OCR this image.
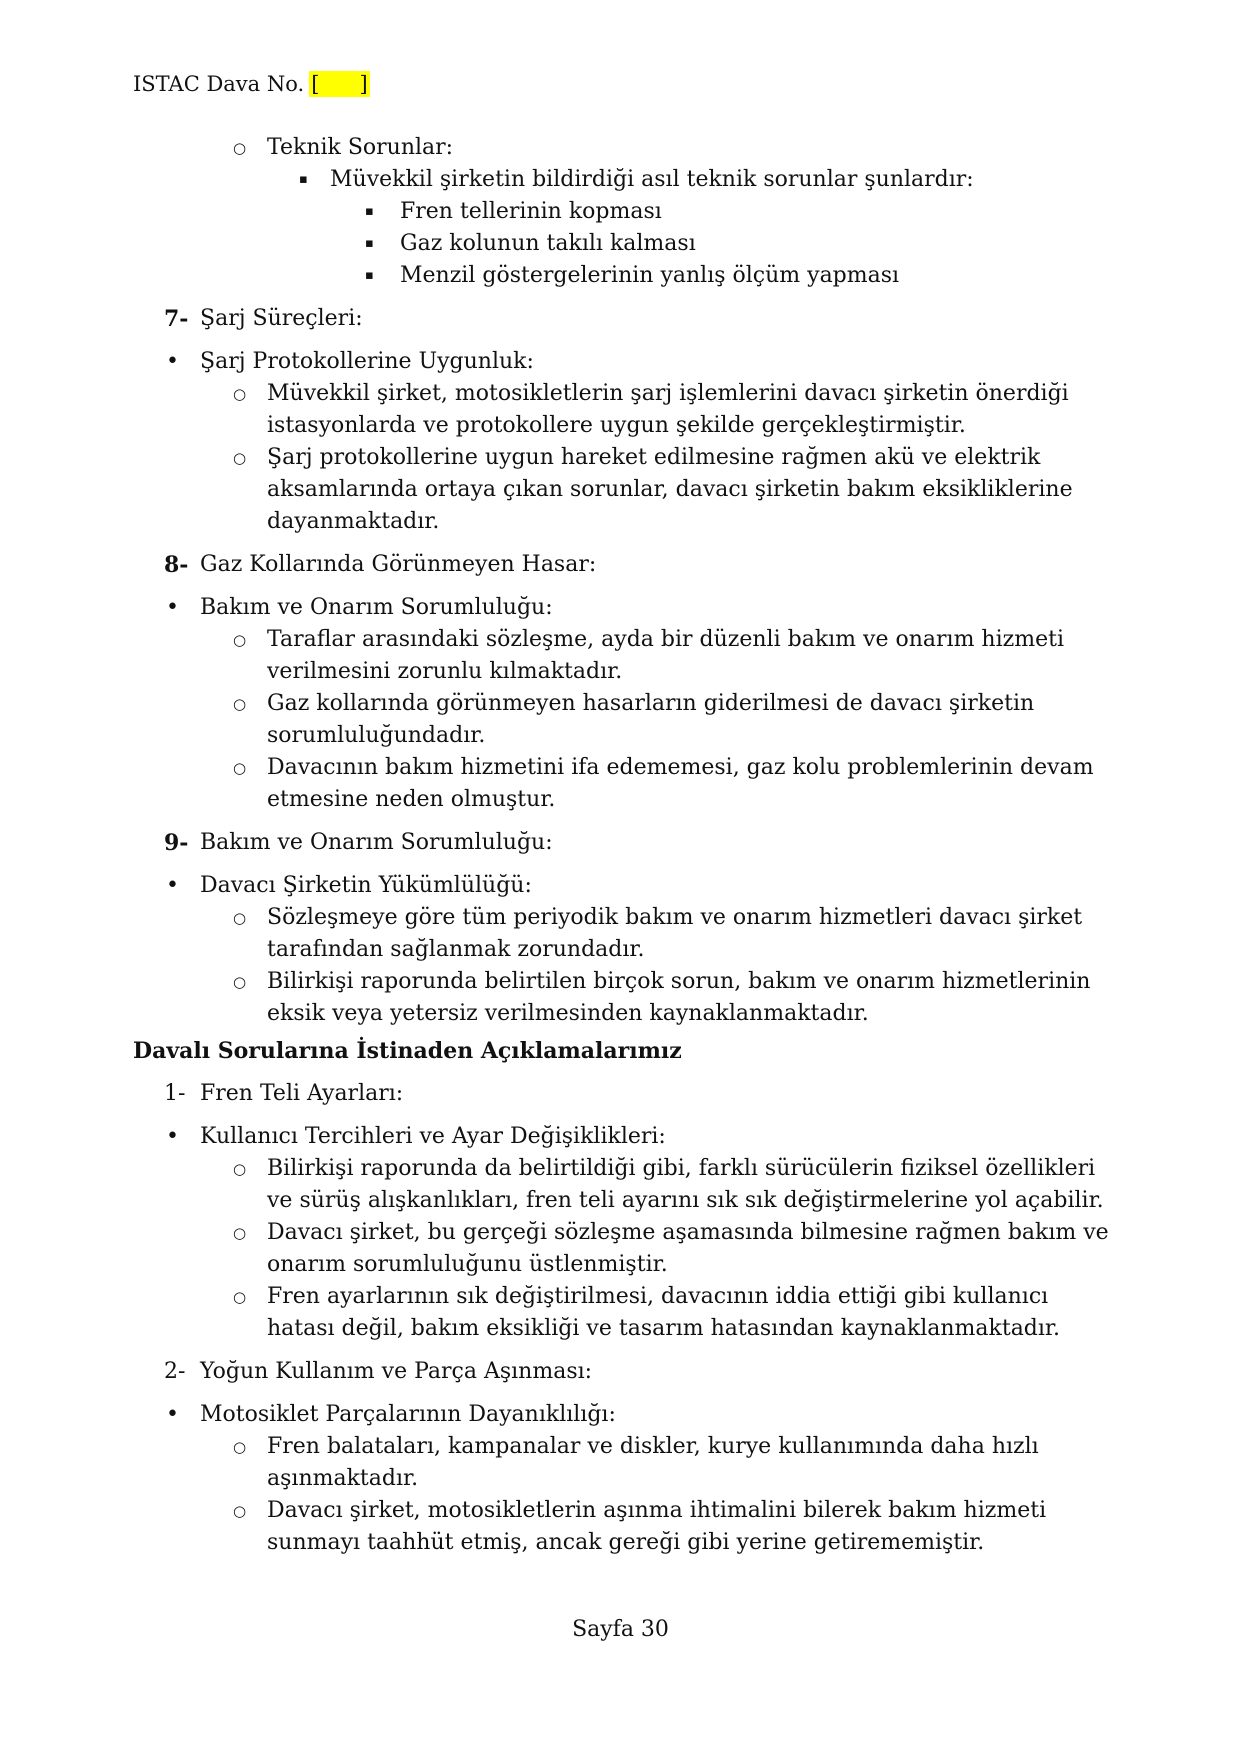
ISTAC Dava No. [      ]
○ Teknik Sorunlar:
▪ Müvekkil şirketin bildirdiği asıl teknik sorunlar şunlardır:
▪ Fren tellerinin kopması
▪ Gaz kolunun takılı kalması
▪ Menzil göstergelerinin yanlış ölçüm yapması
7- Şarj Süreçleri:
• Şarj Protokollerine Uygunluk:
○ Müvekkil şirket, motosikletlerin şarj işlemlerini davacı şirketin önerdiği istasyonlarda ve protokollere uygun şekilde gerçekleştirmiştir.
○ Şarj protokollerine uygun hareket edilmesine rağmen akü ve elektrik aksamlarında ortaya çıkan sorunlar, davacı şirketin bakım eksikliklerine dayanmaktadır.
8- Gaz Kollarında Görünmeyen Hasar:
• Bakım ve Onarım Sorumluluğu:
○ Taraflar arasındaki sözleşme, ayda bir düzenli bakım ve onarım hizmeti verilmesini zorunlu kılmaktadır.
○ Gaz kollarında görünmeyen hasarların giderilmesi de davacı şirketin sorumluluğundadır.
○ Davacının bakım hizmetini ifa edememesi, gaz kolu problemlerinin devam etmesine neden olmuştur.
9- Bakım ve Onarım Sorumluluğu:
• Davacı Şirketin Yükümlülüğü:
○ Sözleşmeye göre tüm periyodik bakım ve onarım hizmetleri davacı şirket tarafından sağlanmak zorundadır.
○ Bilirkişi raporunda belirtilen birçok sorun, bakım ve onarım hizmetlerinin eksik veya yetersiz verilmesinden kaynaklanmaktadır.
Davalı Sorularına İstinaden Açıklamalarımız
1- Fren Teli Ayarları:
• Kullanıcı Tercihleri ve Ayar Değişiklikleri:
○ Bilirkişi raporunda da belirtildiği gibi, farklı sürücülerin fiziksel özellikleri ve sürüş alışkanlıkları, fren teli ayarını sık sık değiştirmelerine yol açabilir.
○ Davacı şirket, bu gerçeği sözleşme aşamasında bilmesine rağmen bakım ve onarım sorumluluğunu üstlenmiştir.
○ Fren ayarlarının sık değiştirilmesi, davacının iddia ettiği gibi kullanıcı hatası değil, bakım eksikliği ve tasarım hatasından kaynaklanmaktadır.
2- Yoğun Kullanım ve Parça Aşınması:
• Motosiklet Parçalarının Dayanıklılığı:
○ Fren balataları, kampanalar ve diskler, kurye kullanımında daha hızlı aşınmaktadır.
○ Davacı şirket, motosikletlerin aşınma ihtimalini bilerek bakım hizmeti sunmayı taahhüt etmiş, ancak gereği gibi yerine getirememiştir.
Sayfa 30
